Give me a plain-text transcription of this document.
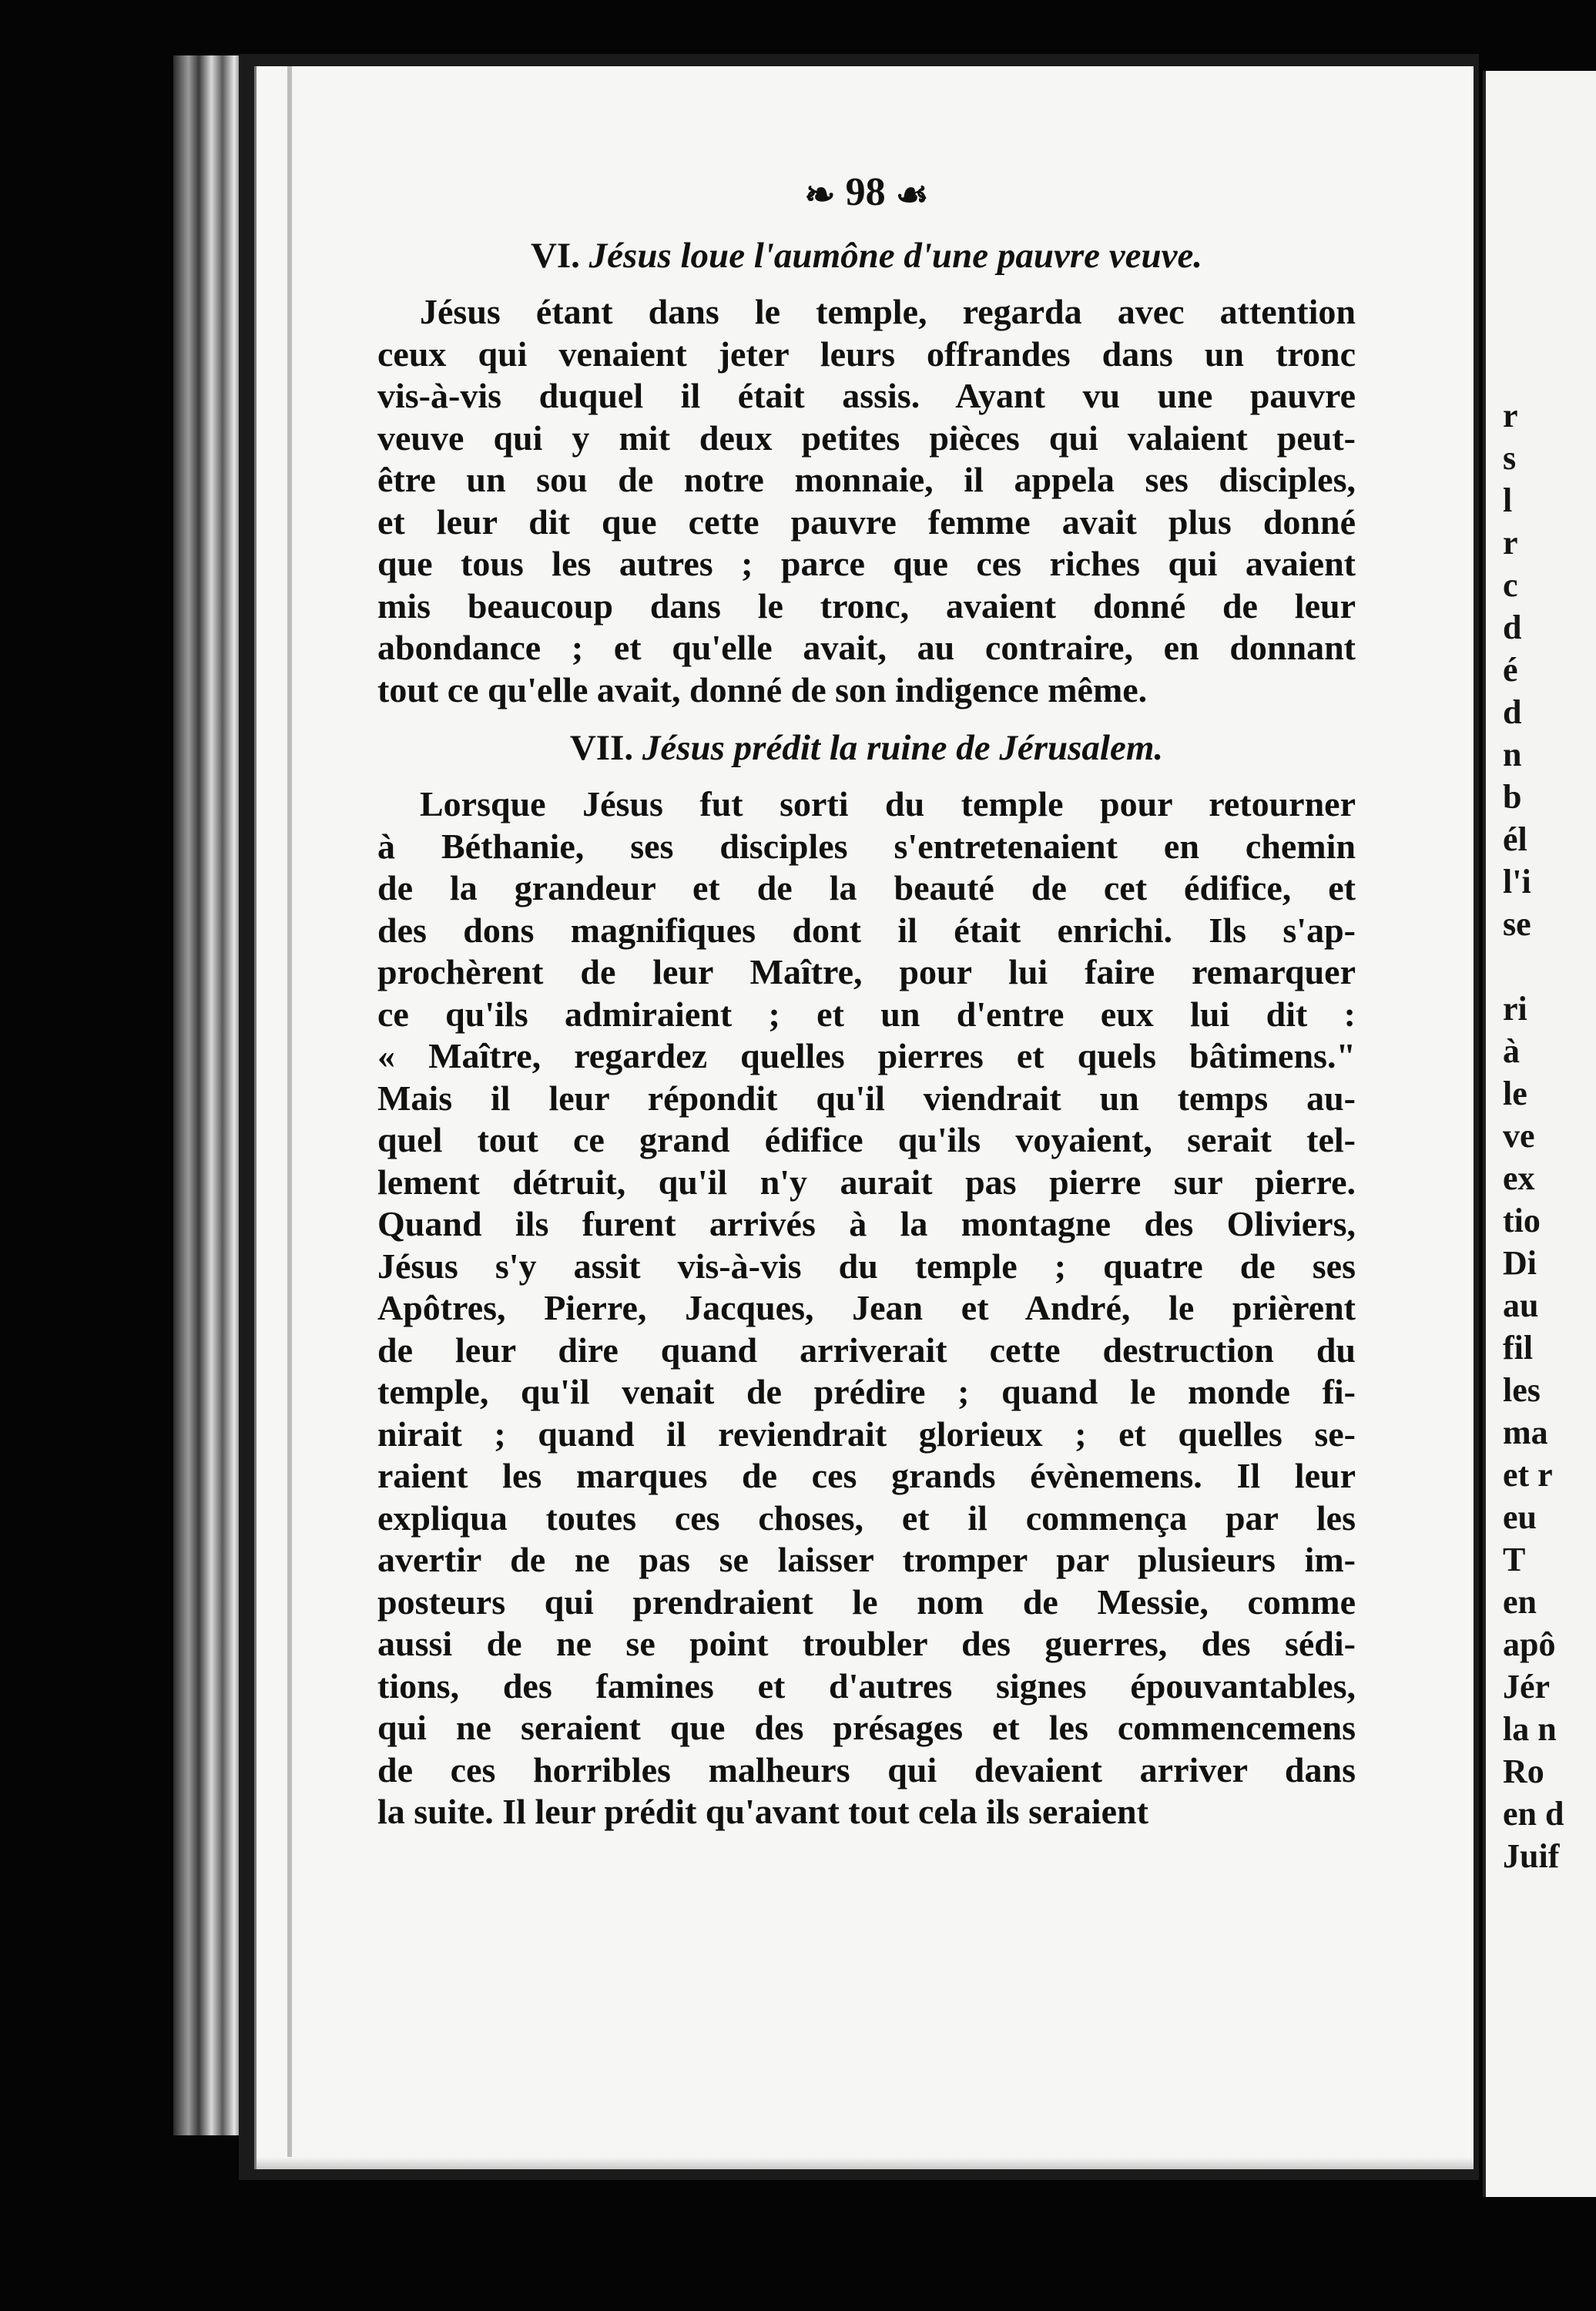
r
s
l
r
c
d
é
d
n
b
él
l'i
se

ri
à
le
ve
ex
tio
Di
au
fil
les
ma
et r
eu
T
en
apô
Jér
la n
Ro
en d
Juif
❧ 98 ☙
VI. Jésus loue l'aumône d'une pauvre veuve.
Jésus étant dans le temple, regarda avec attention
ceux qui venaient jeter leurs offrandes dans un tronc
vis-à-vis duquel il était assis. Ayant vu une pauvre
veuve qui y mit deux petites pièces qui valaient peut-
être un sou de notre monnaie, il appela ses disciples,
et leur dit que cette pauvre femme avait plus donné
que tous les autres ; parce que ces riches qui avaient
mis beaucoup dans le tronc, avaient donné de leur
abondance ; et qu'elle avait, au contraire, en donnant
tout ce qu'elle avait, donné de son indigence même.
VII. Jésus prédit la ruine de Jérusalem.
Lorsque Jésus fut sorti du temple pour retourner
à Béthanie, ses disciples s'entretenaient en chemin
de la grandeur et de la beauté de cet édifice, et
des dons magnifiques dont il était enrichi. Ils s'ap-
prochèrent de leur Maître, pour lui faire remarquer
ce qu'ils admiraient ; et un d'entre eux lui dit :
« Maître, regardez quelles pierres et quels bâtimens."
Mais il leur répondit qu'il viendrait un temps au-
quel tout ce grand édifice qu'ils voyaient, serait tel-
lement détruit, qu'il n'y aurait pas pierre sur pierre.
Quand ils furent arrivés à la montagne des Oliviers,
Jésus s'y assit vis-à-vis du temple ; quatre de ses
Apôtres, Pierre, Jacques, Jean et André, le prièrent
de leur dire quand arriverait cette destruction du
temple, qu'il venait de prédire ; quand le monde fi-
nirait ; quand il reviendrait glorieux ; et quelles se-
raient les marques de ces grands évènemens. Il leur
expliqua toutes ces choses, et il commença par les
avertir de ne pas se laisser tromper par plusieurs im-
posteurs qui prendraient le nom de Messie, comme
aussi de ne se point troubler des guerres, des sédi-
tions, des famines et d'autres signes épouvantables,
qui ne seraient que des présages et les commencemens
de ces horribles malheurs qui devaient arriver dans
la suite. Il leur prédit qu'avant tout cela ils seraient
